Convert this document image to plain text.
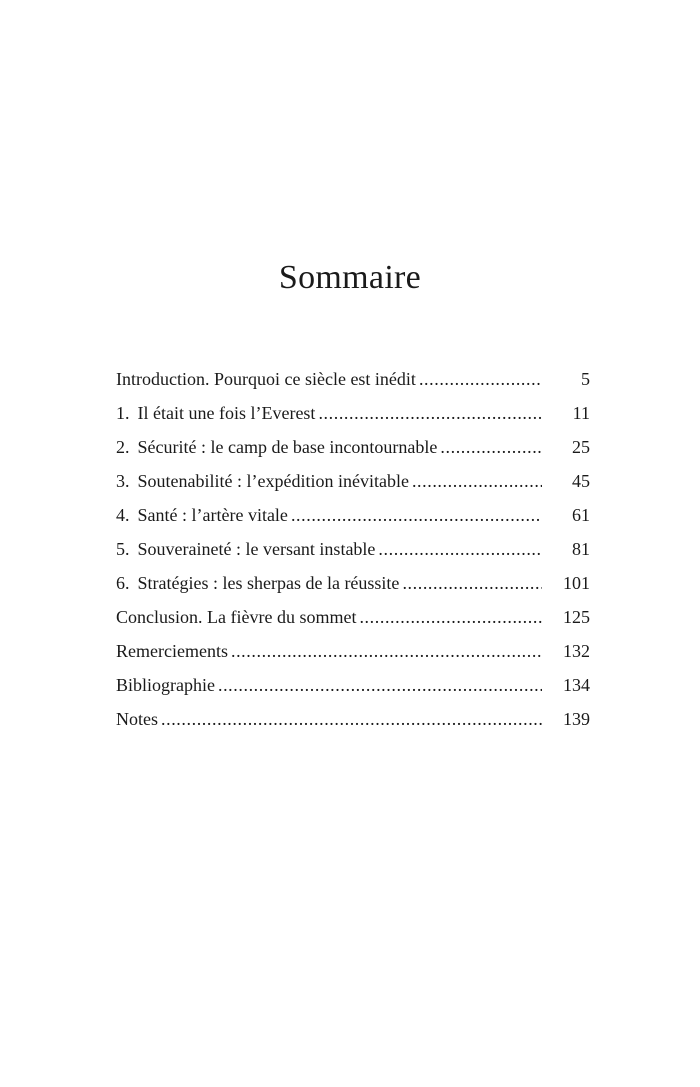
Sommaire
Introduction. Pourquoi ce siècle est inédit .....	5
1. Il était une fois l’Everest .....	11
2. Sécurité : le camp de base incontournable .....	25
3. Soutenabilité : l’expédition inévitable .....	45
4. Santé : l’artère vitale .....	61
5. Souveraineté : le versant instable .....	81
6. Stratégies : les sherpas de la réussite .....	101
Conclusion. La fièvre du sommet .....	125
Remerciements .....	132
Bibliographie .....	134
Notes .....	139
